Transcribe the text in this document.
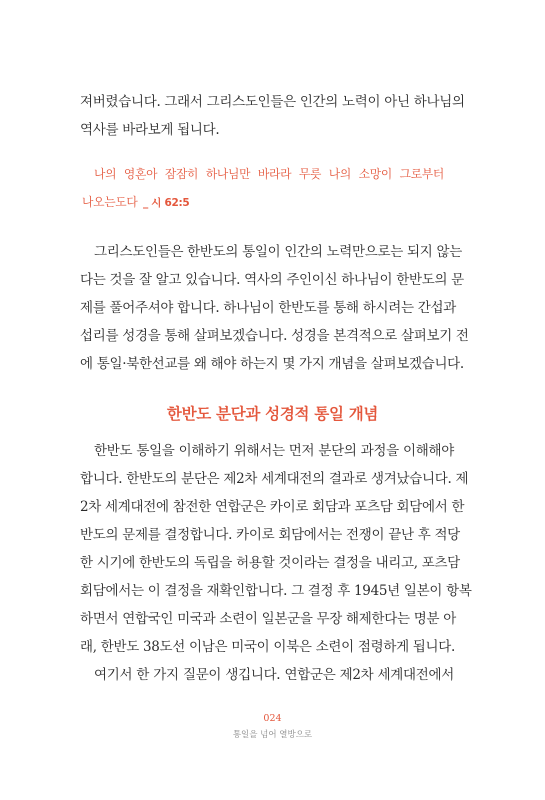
져버렸습니다. 그래서 그리스도인들은 인간의 노력이 아닌 하나님의
역사를 바라보게 됩니다.
나의 영혼아 잠잠히 하나님만 바라라 무릇 나의 소망이 그로부터
나오는도다 _ 시 62:5
그리스도인들은 한반도의 통일이 인간의 노력만으로는 되지 않는
다는 것을 잘 알고 있습니다. 역사의 주인이신 하나님이 한반도의 문
제를 풀어주셔야 합니다. 하나님이 한반도를 통해 하시려는 간섭과
섭리를 성경을 통해 살펴보겠습니다. 성경을 본격적으로 살펴보기 전
에 통일·북한선교를 왜 해야 하는지 몇 가지 개념을 살펴보겠습니다.
한반도 분단과 성경적 통일 개념
한반도 통일을 이해하기 위해서는 먼저 분단의 과정을 이해해야
합니다. 한반도의 분단은 제2차 세계대전의 결과로 생겨났습니다. 제
2차 세계대전에 참전한 연합군은 카이로 회담과 포츠담 회담에서 한
반도의 문제를 결정합니다. 카이로 회담에서는 전쟁이 끝난 후 적당
한 시기에 한반도의 독립을 허용할 것이라는 결정을 내리고, 포츠담
회담에서는 이 결정을 재확인합니다. 그 결정 후 1945년 일본이 항복
하면서 연합국인 미국과 소련이 일본군을 무장 해제한다는 명분 아
래, 한반도 38도선 이남은 미국이 이북은 소련이 점령하게 됩니다.
여기서 한 가지 질문이 생깁니다. 연합군은 제2차 세계대전에서
024
통일을 넘어 열방으로
